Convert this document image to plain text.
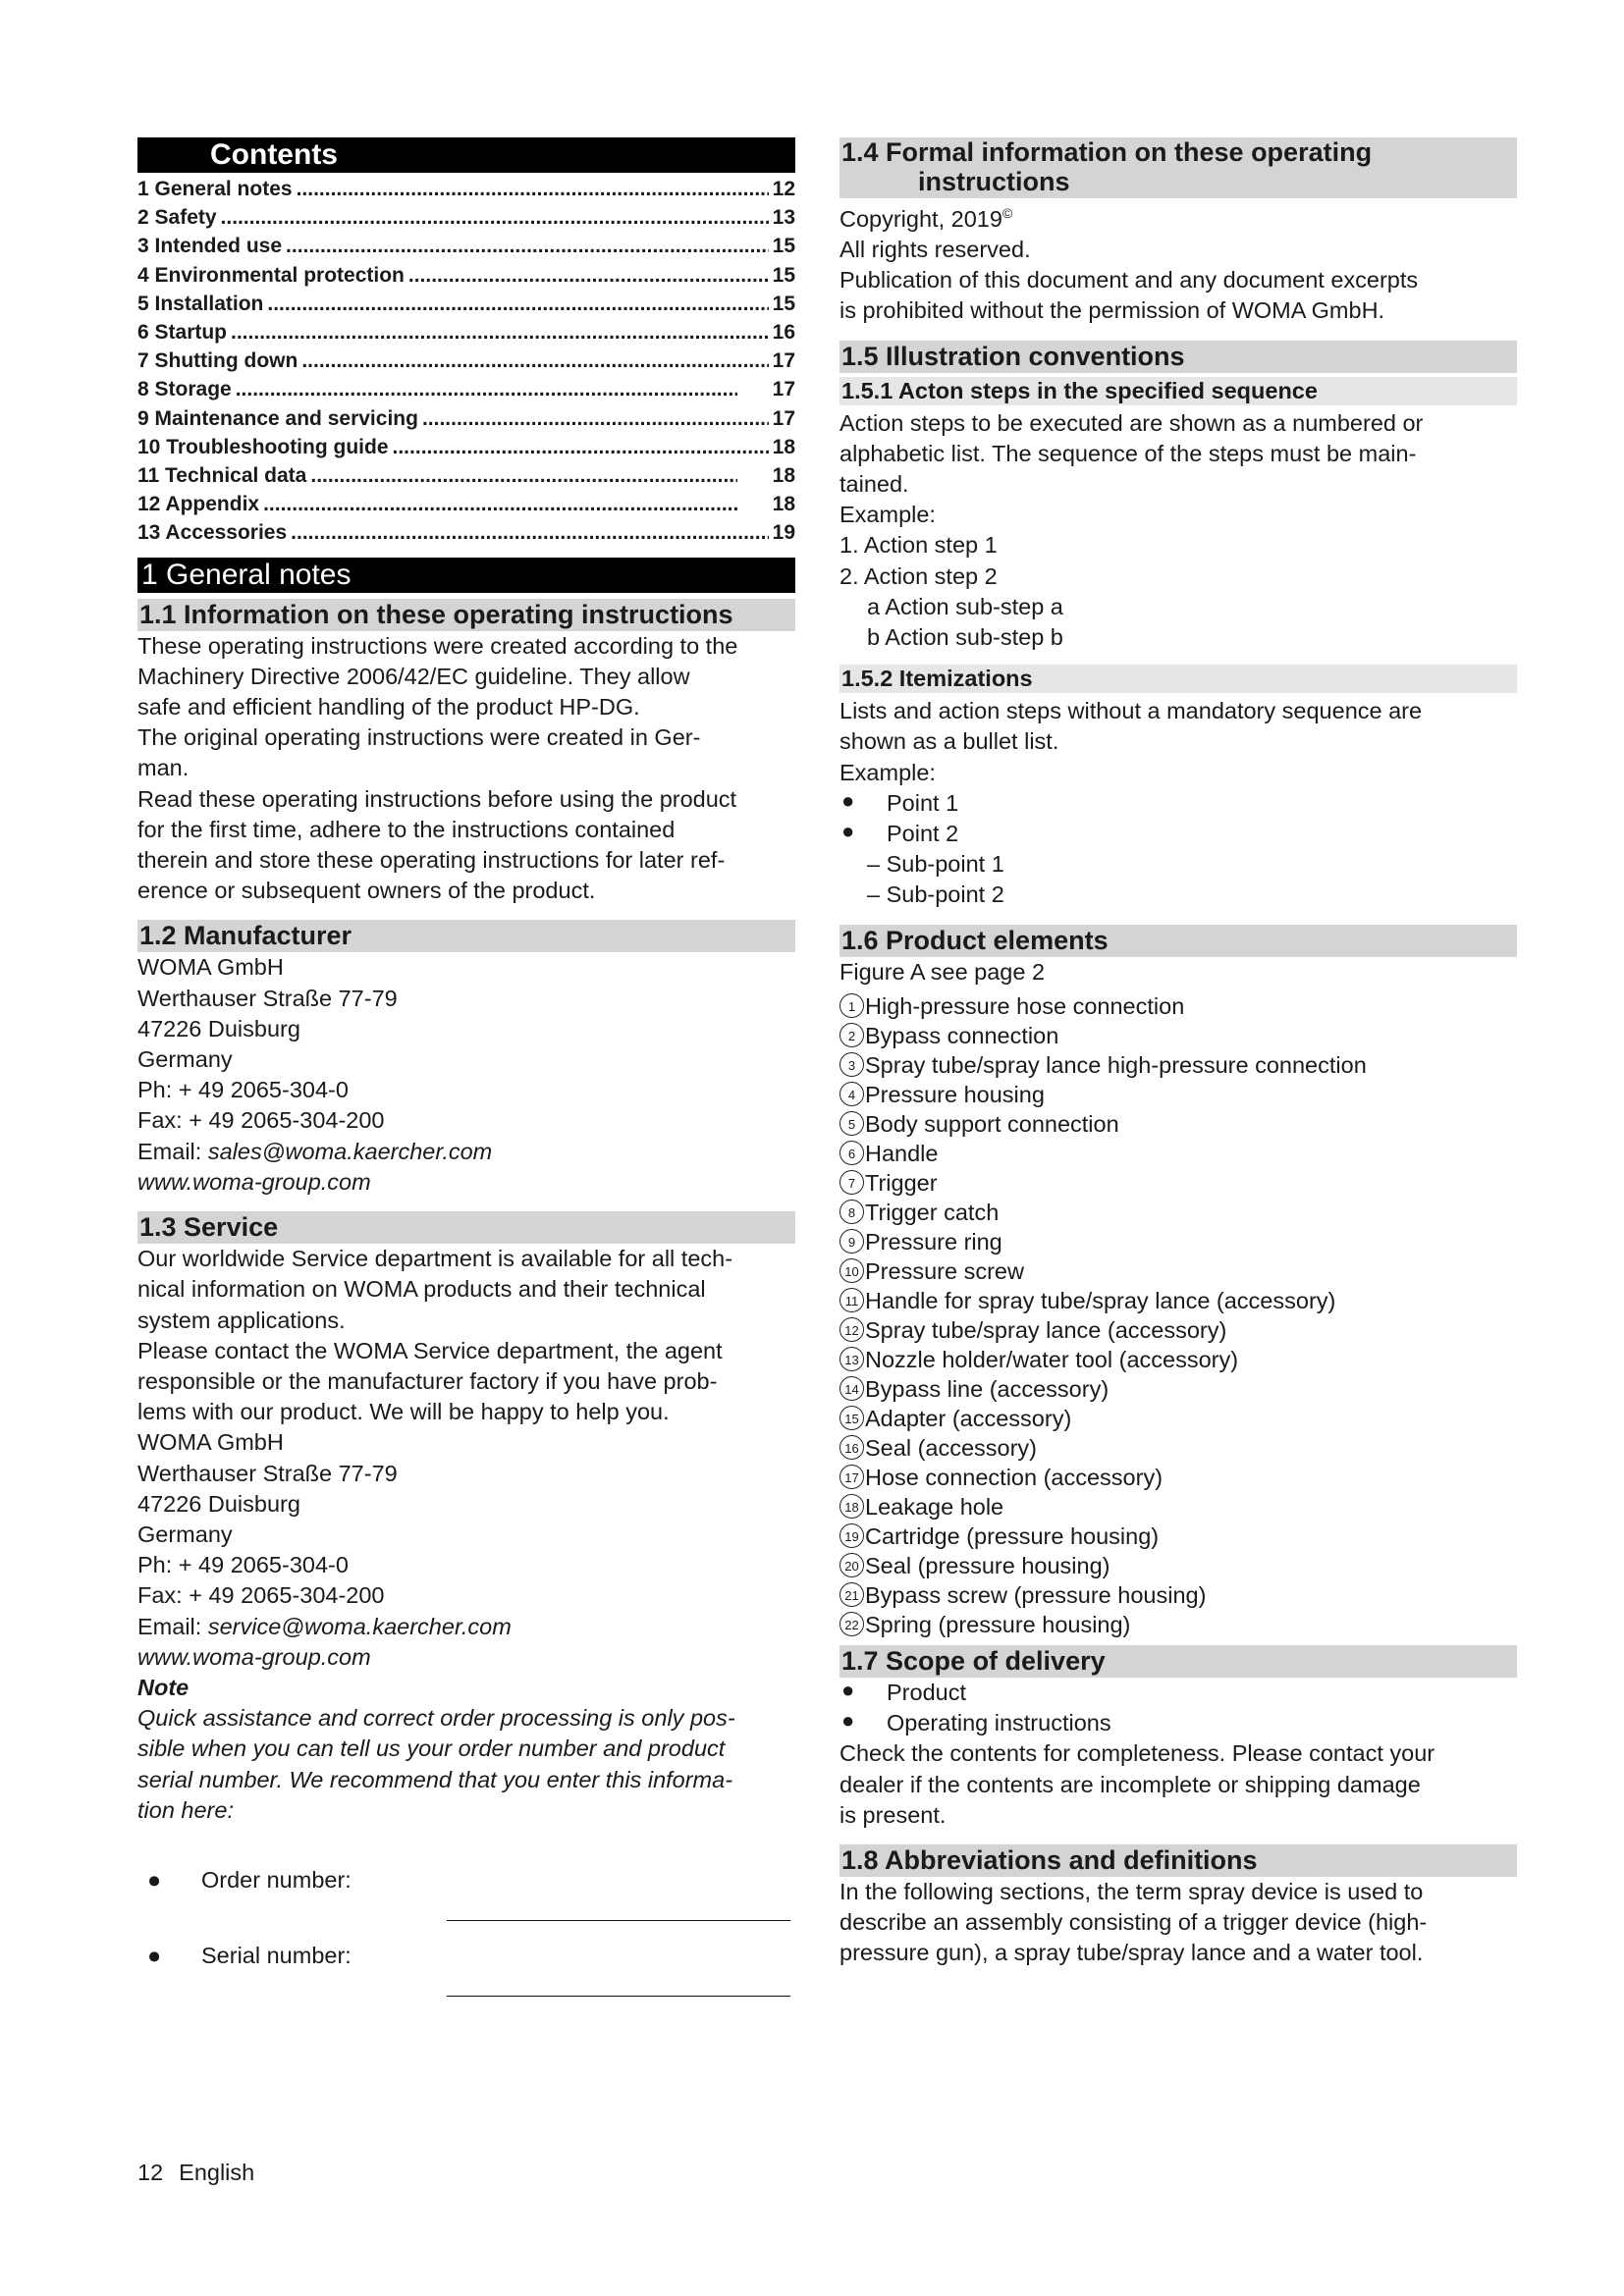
Contents
1 General notes .....	12
2 Safety .....	13
3 Intended use .....	15
4 Environmental protection .....	15
5 Installation .....	15
6 Startup .....	16
7 Shutting down .....	17
8 Storage .....	17
9 Maintenance and servicing .....	17
10 Troubleshooting guide .....	18
11 Technical data .....	18
12 Appendix .....	18
13 Accessories .....	19
1 General notes
1.1 Information on these operating instructions

These operating instructions were created according to the

Machinery Directive 2006/42/EC guideline. They allow

safe and efficient handling of the product HP-DG.

The original operating instructions were created in Ger-

man.

Read these operating instructions before using the product

for the first time, adhere to the instructions contained

therein and store these operating instructions for later ref-

erence or subsequent owners of the product.

1.2 Manufacturer

WOMA GmbH

Werthauser Straße 77-79

47226 Duisburg

Germany

Ph: + 49 2065-304-0

Fax: + 49 2065-304-200

Email: sales@woma.kaercher.com

www.woma-group.com

1.3 Service

Our worldwide Service department is available for all tech-

nical information on WOMA products and their technical

system applications.

Please contact the WOMA Service department, the agent

responsible or the manufacturer factory if you have prob-

lems with our product. We will be happy to help you.

WOMA GmbH

Werthauser Straße 77-79

47226 Duisburg

Germany

Ph: + 49 2065-304-0

Fax: + 49 2065-304-200

Email: service@woma.kaercher.com

www.woma-group.com

Note

Quick assistance and correct order processing is only pos-

sible when you can tell us your order number and product

serial number. We recommend that you enter this informa-

tion here:

●	Order number:
●	Serial number:
1.4 Formal information on these operating
instructions

Copyright, 2019©

All rights reserved.

Publication of this document and any document excerpts

is prohibited without the permission of WOMA GmbH.

1.5 Illustration conventions
1.5.1 Acton steps in the specified sequence

Action steps to be executed are shown as a numbered or

alphabetic list. The sequence of the steps must be main-

tained.

Example:

1. Action step 1

2. Action step 2

a Action sub-step a

b Action sub-step b

1.5.2 Itemizations

Lists and action steps without a mandatory sequence are

shown as a bullet list.

Example:

●	Point 1
●	Point 2

– Sub-point 1

– Sub-point 2

1.6 Product elements

Figure A see page 2

1 High-pressure hose connection
2 Bypass connection
3 Spray tube/spray lance high-pressure connection
4 Pressure housing
5 Body support connection
6 Handle
7 Trigger
8 Trigger catch
9 Pressure ring
10 Pressure screw
11 Handle for spray tube/spray lance (accessory)
12 Spray tube/spray lance (accessory)
13 Nozzle holder/water tool (accessory)
14 Bypass line (accessory)
15 Adapter (accessory)
16 Seal (accessory)
17 Hose connection (accessory)
18 Leakage hole
19 Cartridge (pressure housing)
20 Seal (pressure housing)
21 Bypass screw (pressure housing)
22 Spring (pressure housing)
1.7 Scope of delivery
●	Product
●	Operating instructions

Check the contents for completeness. Please contact your

dealer if the contents are incomplete or shipping damage

is present.

1.8 Abbreviations and definitions

In the following sections, the term spray device is used to

describe an assembly consisting of a trigger device (high-

pressure gun), a spray tube/spray lance and a water tool.

12 English
